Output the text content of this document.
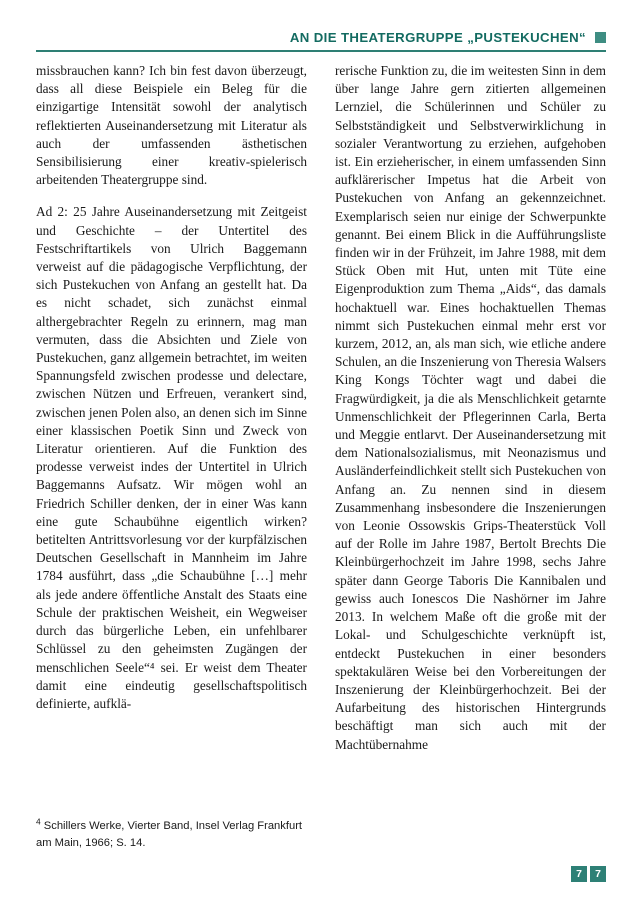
AN DIE THEATERGRUPPE „PUSTEKUCHEN“

missbrauchen kann? Ich bin fest davon überzeugt, dass all diese Beispiele ein Beleg für die einzigartige Intensität sowohl der analytisch reflektierten Auseinandersetzung mit Literatur als auch der umfassenden ästhetischen Sensibilisierung einer kreativ-spielerisch arbeitenden Theatergruppe sind.

Ad 2: 25 Jahre Auseinandersetzung mit Zeitgeist und Geschichte – der Untertitel des Festschriftartikels von Ulrich Baggemann verweist auf die pädagogische Verpflichtung, der sich Pustekuchen von Anfang an gestellt hat. Da es nicht schadet, sich zunächst einmal althergebrachter Regeln zu erinnern, mag man vermuten, dass die Absichten und Ziele von Pustekuchen, ganz allgemein betrachtet, im weiten Spannungsfeld zwischen prodesse und delectare, zwischen Nützen und Erfreuen, verankert sind, zwischen jenen Polen also, an denen sich im Sinne einer klassischen Poetik Sinn und Zweck von Literatur orientieren. Auf die Funktion des prodesse verweist indes der Untertitel in Ulrich Baggemanns Aufsatz. Wir mögen wohl an Friedrich Schiller denken, der in einer Was kann eine gute Schaubühne eigentlich wirken? betitelten Antrittsvorlesung vor der kurpfälzischen Deutschen Gesellschaft in Mannheim im Jahre 1784 ausführt, dass „die Schaubühne […] mehr als jede andere öffentliche Anstalt des Staats eine Schule der praktischen Weisheit, ein Wegweiser durch das bürgerliche Leben, ein unfehlbarer Schlüssel zu den geheimsten Zugängen der menschlichen Seele“⁴ sei. Er weist dem Theater damit eine eindeutig gesellschaftspolitisch definierte, aufklä-

rerische Funktion zu, die im weitesten Sinn in dem über lange Jahre gern zitierten allgemeinen Lernziel, die Schülerinnen und Schüler zu Selbstständigkeit und Selbstverwirklichung in sozialer Verantwortung zu erziehen, aufgehoben ist. Ein erzieherischer, in einem umfassenden Sinn aufklärerischer Impetus hat die Arbeit von Pustekuchen von Anfang an gekennzeichnet. Exemplarisch seien nur einige der Schwerpunkte genannt. Bei einem Blick in die Aufführungsliste finden wir in der Frühzeit, im Jahre 1988, mit dem Stück Oben mit Hut, unten mit Tüte eine Eigenproduktion zum Thema „Aids“, das damals hochaktuell war. Eines hochaktuellen Themas nimmt sich Pustekuchen einmal mehr erst vor kurzem, 2012, an, als man sich, wie etliche andere Schulen, an die Inszenierung von Theresia Walsers King Kongs Töchter wagt und dabei die Fragwürdigkeit, ja die als Menschlichkeit getarnte Unmenschlichkeit der Pflegerinnen Carla, Berta und Meggie entlarvt. Der Auseinandersetzung mit dem Nationalsozialismus, mit Neonazismus und Ausländerfeindlichkeit stellt sich Pustekuchen von Anfang an. Zu nennen sind in diesem Zusammenhang insbesondere die Inszenierungen von Leonie Ossowskis Grips-Theaterstück Voll auf der Rolle im Jahre 1987, Bertolt Brechts Die Kleinbürgerhochzeit im Jahre 1998, sechs Jahre später dann George Taboris Die Kannibalen und gewiss auch Ionescos Die Nashörner im Jahre 2013. In welchem Maße oft die große mit der Lokal- und Schulgeschichte verknüpft ist, entdeckt Pustekuchen in einer besonders spektakulären Weise bei den Vorbereitungen der Inszenierung der Kleinbürgerhochzeit. Bei der Aufarbeitung des historischen Hintergrunds beschäftigt man sich auch mit der Machtübernahme

$^4$ Schillers Werke, Vierter Band, Insel Verlag Frankfurt am Main, 1966; S. 14.
7	7
